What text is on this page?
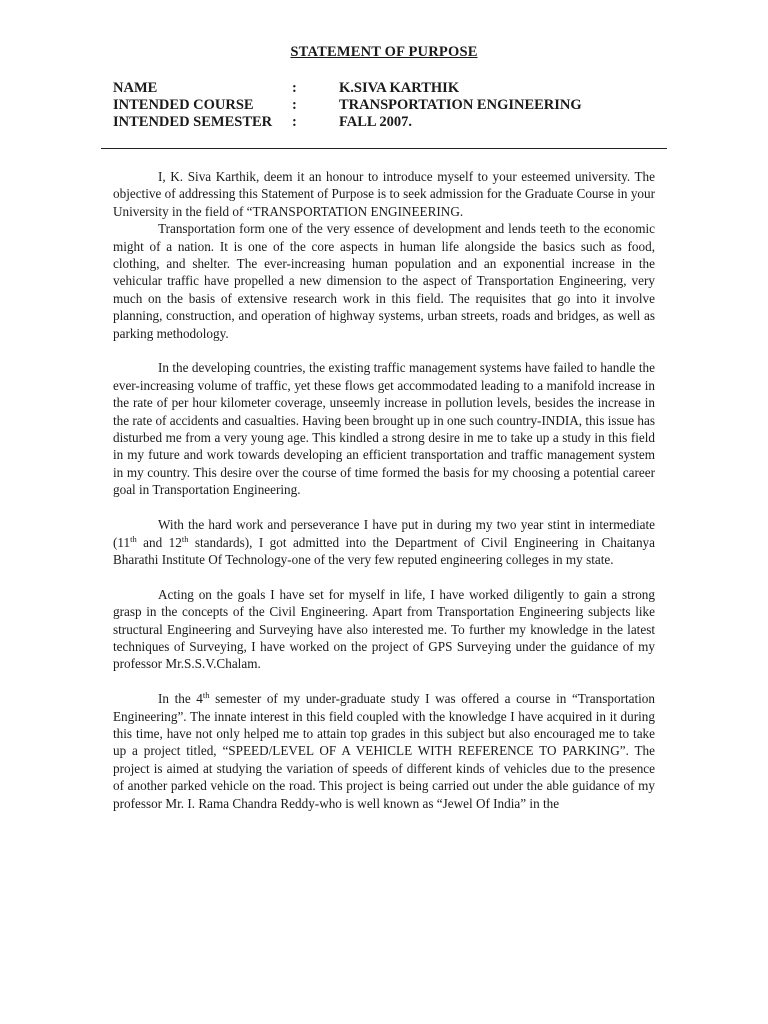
STATEMENT OF PURPOSE
NAME	:	K.SIVA KARTHIK
INTENDED COURSE	:	TRANSPORTATION ENGINEERING
INTENDED SEMESTER	:	FALL 2007.

I, K. Siva Karthik, deem it an honour to introduce myself to your esteemed university. The objective of addressing this Statement of Purpose is to seek admission for the Graduate Course in your University in the field of “TRANSPORTATION ENGINEERING.

Transportation form one of the very essence of development and lends teeth to the economic might of a nation. It is one of the core aspects in human life alongside the basics such as food, clothing, and shelter. The ever-increasing human population and an exponential increase in the vehicular traffic have propelled a new dimension to the aspect of Transportation Engineering, very much on the basis of extensive research work in this field. The requisites that go into it involve planning, construction, and operation of highway systems, urban streets, roads and bridges, as well as parking methodology.

In the developing countries, the existing traffic management systems have failed to handle the ever-increasing volume of traffic, yet these flows get accommodated leading to a manifold increase in the rate of per hour kilometer coverage, unseemly increase in pollution levels, besides the increase in the rate of accidents and casualties. Having been brought up in one such country-INDIA, this issue has disturbed me from a very young age. This kindled a strong desire in me to take up a study in this field in my future and work towards developing an efficient transportation and traffic management system in my country. This desire over the course of time formed the basis for my choosing a potential career goal in Transportation Engineering.

With the hard work and perseverance I have put in during my two year stint in intermediate (11th and 12th standards), I got admitted into the Department of Civil Engineering in Chaitanya Bharathi Institute Of Technology-one of the very few reputed engineering colleges in my state.

Acting on the goals I have set for myself in life, I have worked diligently to gain a strong grasp in the concepts of the Civil Engineering. Apart from Transportation Engineering subjects like structural Engineering and Surveying have also interested me. To further my knowledge in the latest techniques of Surveying, I have worked on the project of GPS Surveying under the guidance of my professor Mr.S.S.V.Chalam.

In the 4th semester of my under-graduate study I was offered a course in “Transportation Engineering”. The innate interest in this field coupled with the knowledge I have acquired in it during this time, have not only helped me to attain top grades in this subject but also encouraged me to take up a project titled, “SPEED/LEVEL OF A VEHICLE WITH REFERENCE TO PARKING”. The project is aimed at studying the variation of speeds of different kinds of vehicles due to the presence of another parked vehicle on the road. This project is being carried out under the able guidance of my professor Mr. I. Rama Chandra Reddy-who is well known as “Jewel Of India” in the
